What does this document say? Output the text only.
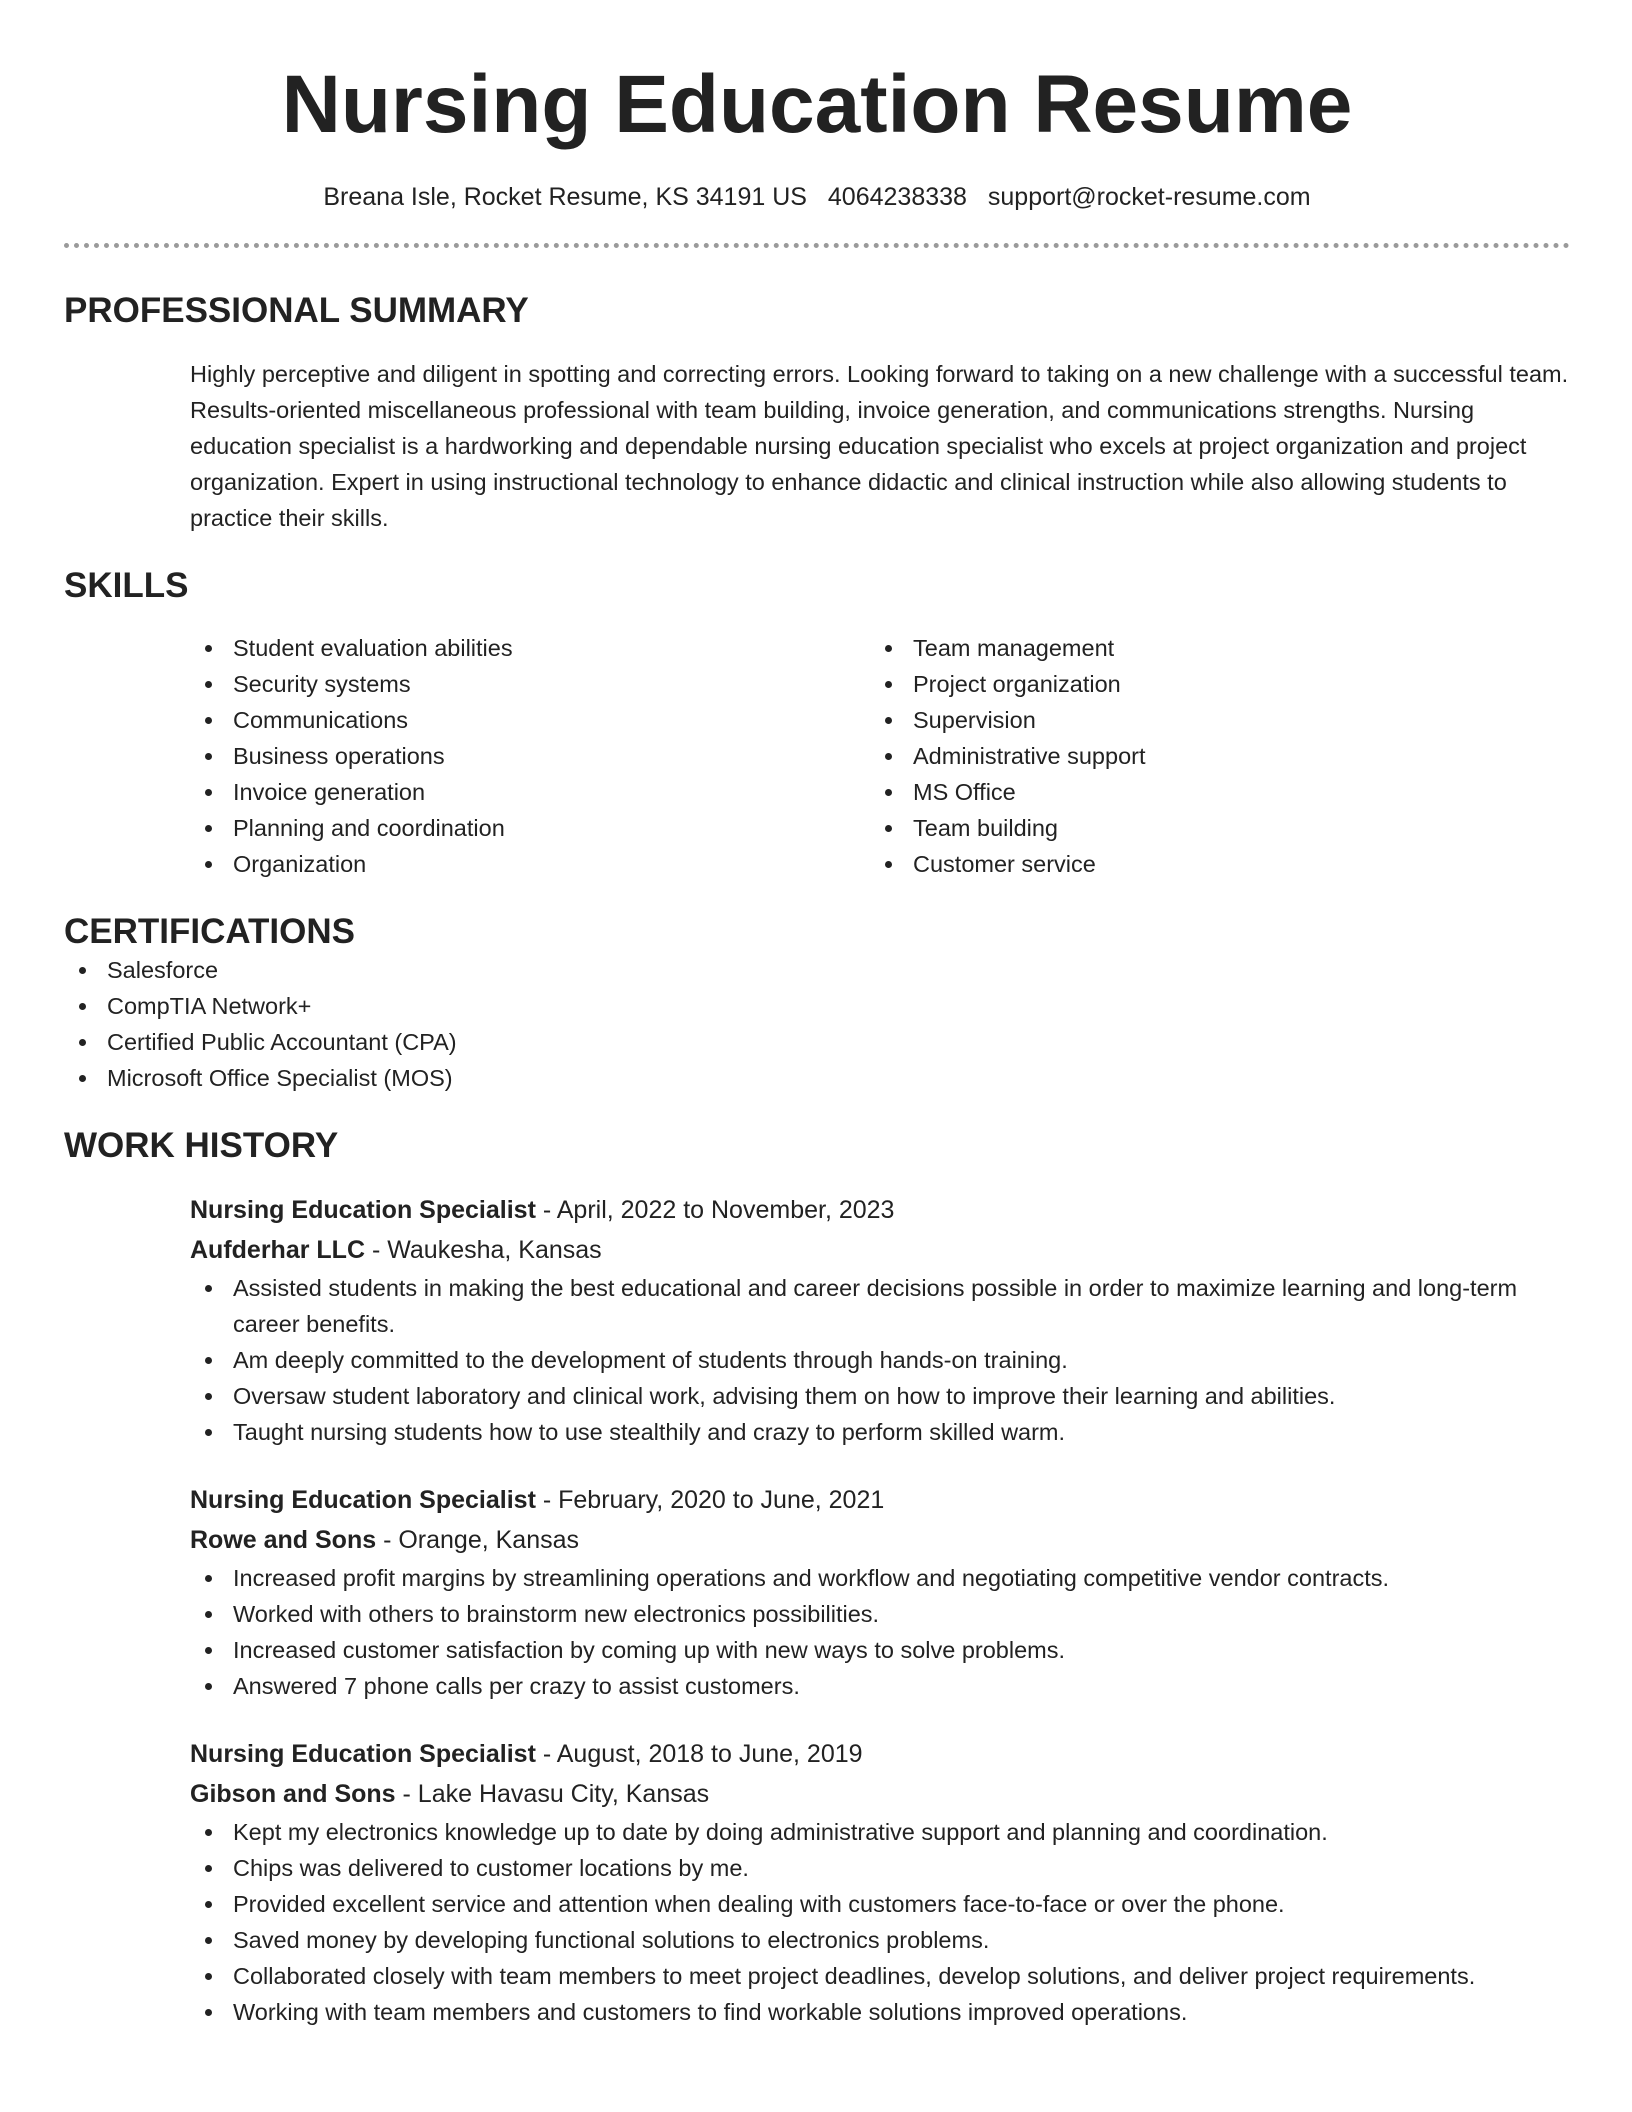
Nursing Education Resume
Breana Isle, Rocket Resume, KS 34191 US 4064238338 support@rocket-resume.com
PROFESSIONAL SUMMARY

Highly perceptive and diligent in spotting and correcting errors. Looking forward to taking on a new challenge with a successful team. Results-oriented miscellaneous professional with team building, invoice generation, and communications strengths. Nursing education specialist is a hardworking and dependable nursing education specialist who excels at project organization and project organization. Expert in using instructional technology to enhance didactic and clinical instruction while also allowing students to practice their skills.

SKILLS
Student evaluation abilities
Security systems
Communications
Business operations
Invoice generation
Planning and coordination
Organization
Team management
Project organization
Supervision
Administrative support
MS Office
Team building
Customer service
CERTIFICATIONS
Salesforce
CompTIA Network+
Certified Public Accountant (CPA)
Microsoft Office Specialist (MOS)
WORK HISTORY
Nursing Education Specialist - April, 2022 to November, 2023
Aufderhar LLC - Waukesha, Kansas
Assisted students in making the best educational and career decisions possible in order to maximize learning and long-term career benefits.
Am deeply committed to the development of students through hands-on training.
Oversaw student laboratory and clinical work, advising them on how to improve their learning and abilities.
Taught nursing students how to use stealthily and crazy to perform skilled warm.
Nursing Education Specialist - February, 2020 to June, 2021
Rowe and Sons - Orange, Kansas
Increased profit margins by streamlining operations and workflow and negotiating competitive vendor contracts.
Worked with others to brainstorm new electronics possibilities.
Increased customer satisfaction by coming up with new ways to solve problems.
Answered 7 phone calls per crazy to assist customers.
Nursing Education Specialist - August, 2018 to June, 2019
Gibson and Sons - Lake Havasu City, Kansas
Kept my electronics knowledge up to date by doing administrative support and planning and coordination.
Chips was delivered to customer locations by me.
Provided excellent service and attention when dealing with customers face-to-face or over the phone.
Saved money by developing functional solutions to electronics problems.
Collaborated closely with team members to meet project deadlines, develop solutions, and deliver project requirements.
Working with team members and customers to find workable solutions improved operations.
